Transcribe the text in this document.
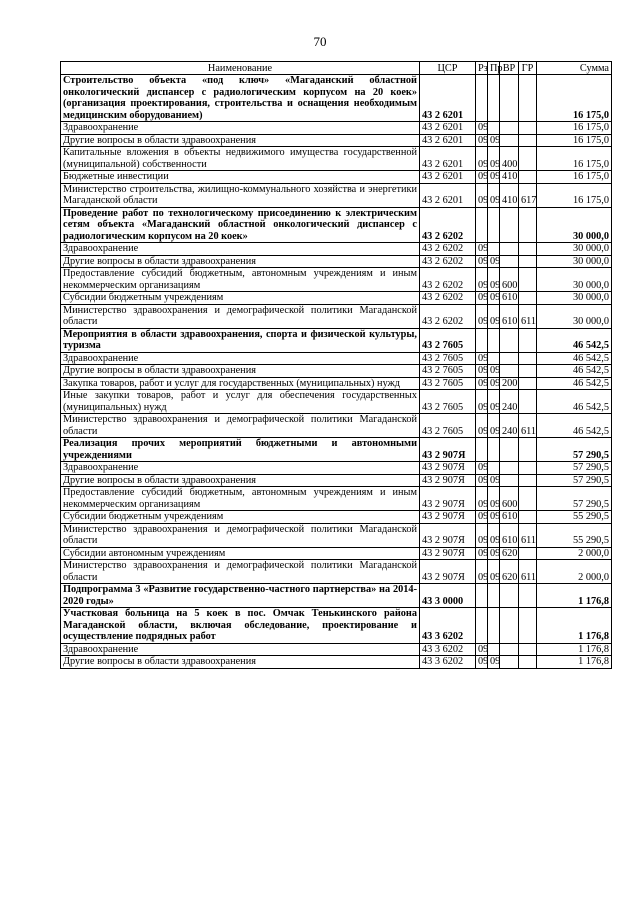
70
Наименование	ЦСР	Рз	Пр	ВР	ГР	Сумма
Строительство объекта «под ключ» «Магаданский областной онкологический диспансер с радиологическим корпусом на 20 коек» (организация проектирования, строительства и оснащения необходимым медицинским оборудованием)	43 2 6201					16 175,0
Здравоохранение	43 2 6201	09				16 175,0
Другие вопросы в области здравоохранения	43 2 6201	09	09			16 175,0
Капитальные вложения в объекты недвижимого имущества государственной (муниципальной) собственности	43 2 6201	09	09	400		16 175,0
Бюджетные инвестиции	43 2 6201	09	09	410		16 175,0
Министерство строительства, жилищно-коммунального хозяйства и энергетики Магаданской области	43 2 6201	09	09	410	617	16 175,0
Проведение работ по технологическому присоединению к электрическим сетям объекта «Магаданский областной онкологический диспансер с радиологическим корпусом на 20 коек»	43 2 6202					30 000,0
Здравоохранение	43 2 6202	09				30 000,0
Другие вопросы в области здравоохранения	43 2 6202	09	09			30 000,0
Предоставление субсидий бюджетным, автономным учреждениям и иным некоммерческим организациям	43 2 6202	09	09	600		30 000,0
Субсидии бюджетным учреждениям	43 2 6202	09	09	610		30 000,0
Министерство здравоохранения и демографической политики Магаданской области	43 2 6202	09	09	610	611	30 000,0
Мероприятия в области здравоохранения, спорта и физической культуры, туризма	43 2 7605					46 542,5
Здравоохранение	43 2 7605	09				46 542,5
Другие вопросы в области здравоохранения	43 2 7605	09	09			46 542,5
Закупка товаров, работ и услуг для государственных (муниципальных) нужд	43 2 7605	09	09	200		46 542,5
Иные закупки товаров, работ и услуг для обеспечения государственных (муниципальных) нужд	43 2 7605	09	09	240		46 542,5
Министерство здравоохранения и демографической политики Магаданской области	43 2 7605	09	09	240	611	46 542,5
Реализация прочих мероприятий бюджетными и автономными учреждениями	43 2 907Я					57 290,5
Здравоохранение	43 2 907Я	09				57 290,5
Другие вопросы в области здравоохранения	43 2 907Я	09	09			57 290,5
Предоставление субсидий бюджетным, автономным учреждениям и иным некоммерческим организациям	43 2 907Я	09	09	600		57 290,5
Субсидии бюджетным учреждениям	43 2 907Я	09	09	610		55 290,5
Министерство здравоохранения и демографической политики Магаданской области	43 2 907Я	09	09	610	611	55 290,5
Субсидии автономным учреждениям	43 2 907Я	09	09	620		2 000,0
Министерство здравоохранения и демографической политики Магаданской области	43 2 907Я	09	09	620	611	2 000,0
Подпрограмма 3 «Развитие государственно-частного партнерства» на 2014-2020 годы»	43 3 0000					1 176,8
Участковая больница на 5 коек в пос. Омчак Тенькинского района Магаданской области, включая обследование, проектирование и осуществление подрядных работ	43 3 6202					1 176,8
Здравоохранение	43 3 6202	09				1 176,8
Другие вопросы в области здравоохранения	43 3 6202	09	09			1 176,8
